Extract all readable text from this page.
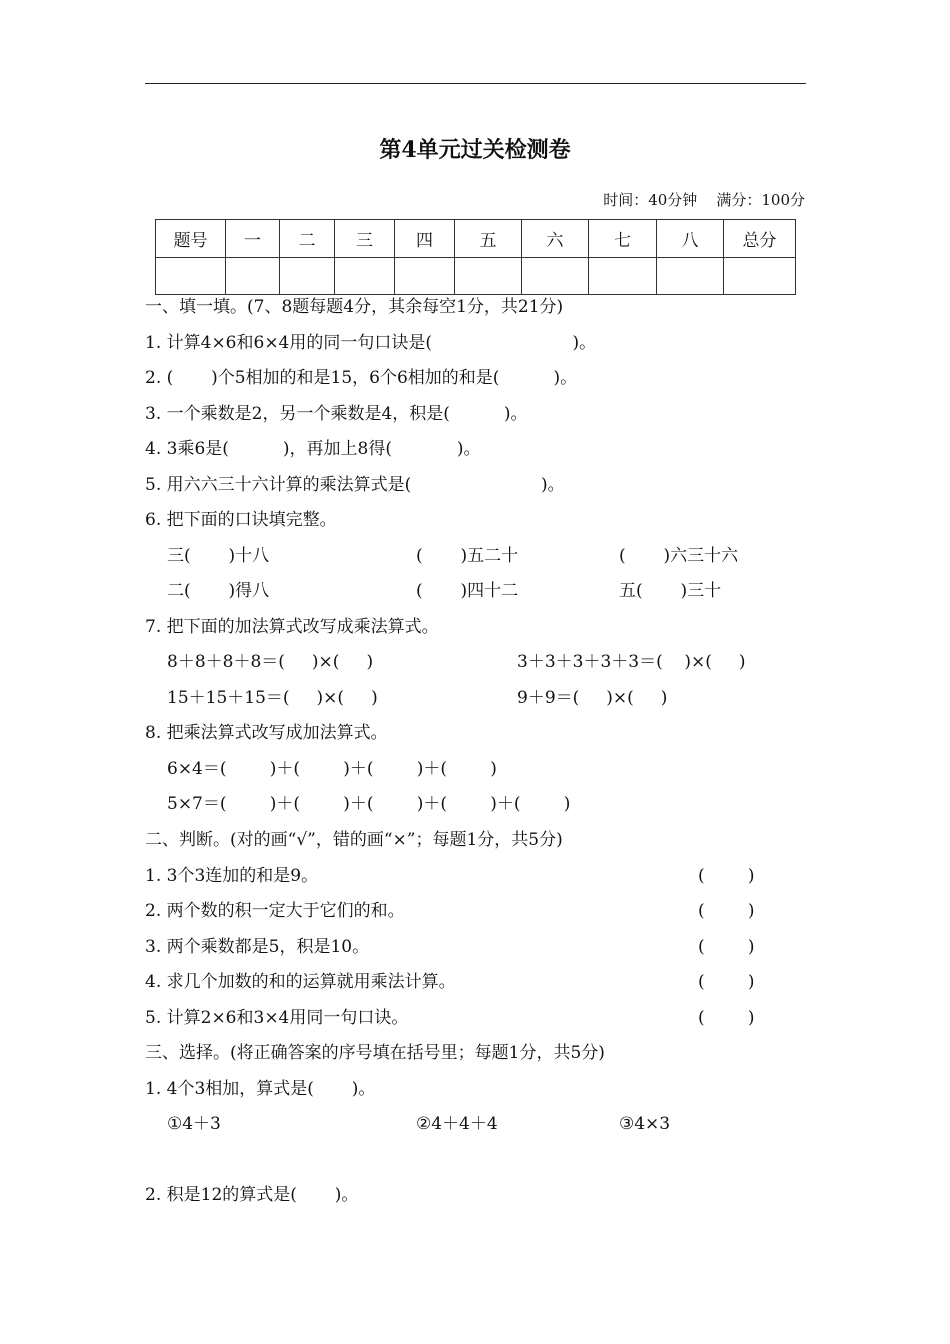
第4单元过关检测卷
时间：40分钟    满分：100分
题号	一	二	三	四	五	六	七	八	总分

一、填一填。(7、8题每题4分，其余每空1分，共21分)
1. 计算4×6和6×4用的同一句口诀是(                          )。
2. (       )个5相加的和是15，6个6相加的和是(          )。
3. 一个乘数是2，另一个乘数是4，积是(          )。
4. 3乘6是(          )，再加上8得(            )。
5. 用六六三十六计算的乘法算式是(                        )。
6. 把下面的口诀填完整。
三(       )十八	(       )五二十	(       )六三十六
二(       )得八	(       )四十二	五(       )三十
7. 把下面的加法算式改写成乘法算式。
8＋8＋8＋8＝(     )×(     )	3＋3＋3＋3＋3＝(    )×(     )
15＋15＋15＝(     )×(     )	9＋9＝(     )×(     )
8. 把乘法算式改写成加法算式。
6×4＝(        )＋(        )＋(        )＋(        )
5×7＝(        )＋(        )＋(        )＋(        )＋(        )
二、判断。(对的画“√”，错的画“×”；每题1分，共5分)
1. 3个3连加的和是9。	(        )
2. 两个数的积一定大于它们的和。	(        )
3. 两个乘数都是5，积是10。	(        )
4. 求几个加数的和的运算就用乘法计算。	(        )
5. 计算2×6和3×4用同一句口诀。	(        )
三、选择。(将正确答案的序号填在括号里；每题1分，共5分)
1. 4个3相加，算式是(       )。
①4＋3	②4＋4＋4	③4×3
2. 积是12的算式是(       )。
